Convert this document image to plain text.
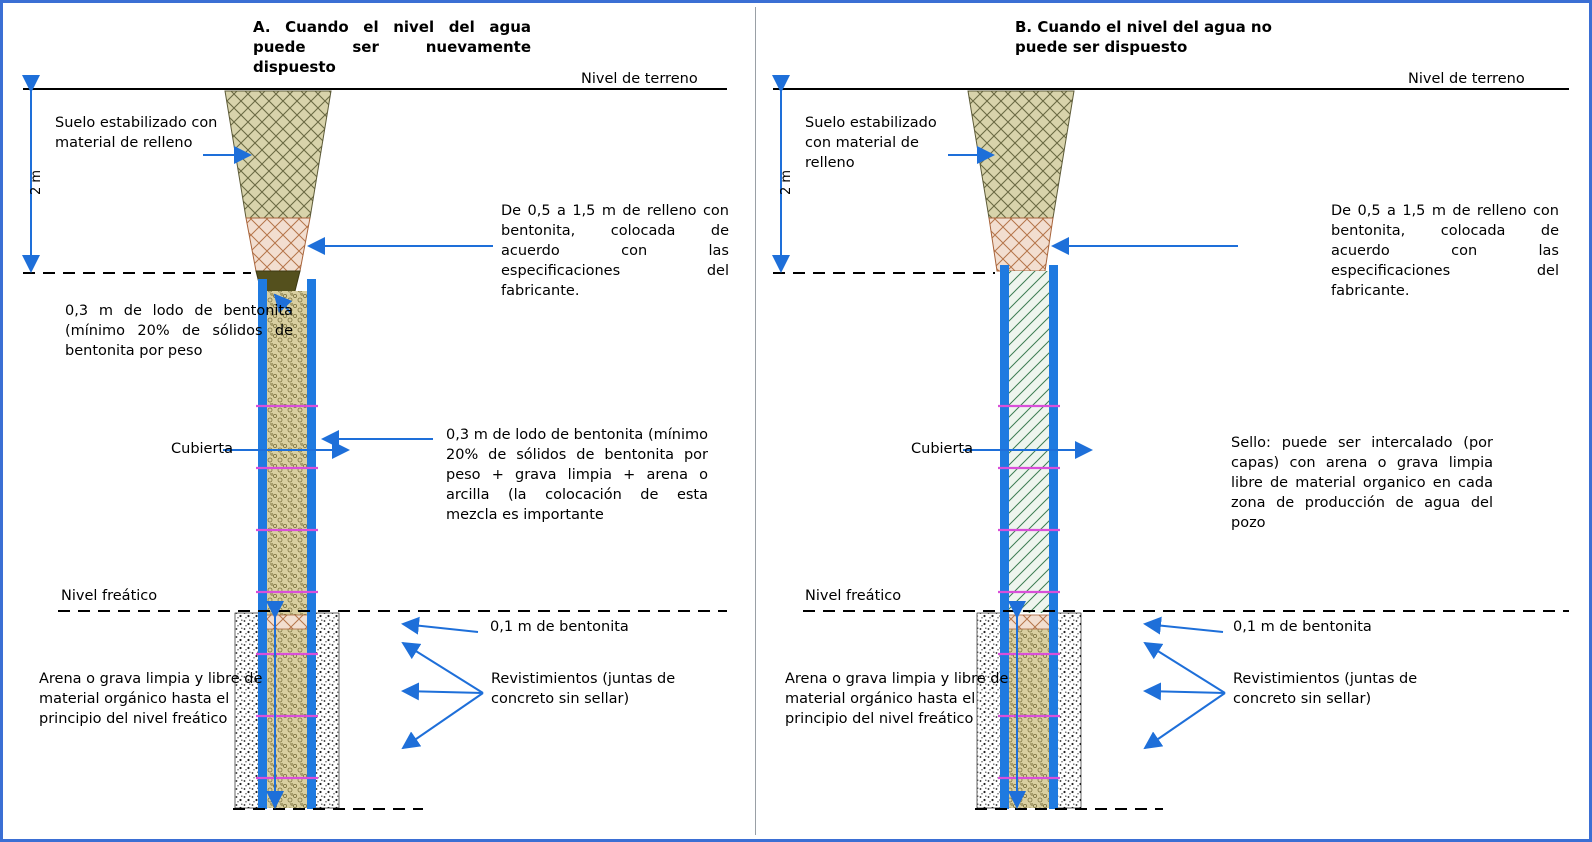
A. Cuando el nivel del agua puede ser nuevamente dispuesto
2 m
Nivel de terreno
Suelo estabilizado con material de relleno
De 0,5 a 1,5 m de relleno con bentonita, colocada de acuerdo con las especificaciones del fabricante.
0,3 m de lodo de bentonita (mínimo 20% de sólidos de bentonita por peso
Cubierta
0,3 m de lodo de bentonita (mínimo 20% de sólidos de bentonita por peso + grava limpia + arena o arcilla (la colocación de esta mezcla es importante
Nivel freático
0,1 m de bentonita
Arena o grava limpia y libre de material orgánico hasta el principio del nivel freático
Revistimientos (juntas de concreto sin sellar)
B. Cuando el nivel del agua no puede ser dispuesto
2 m
Nivel de terreno
Suelo estabilizado con material de relleno
De 0,5 a 1,5 m de relleno con bentonita, colocada de acuerdo con las especificaciones del fabricante.
Cubierta	Sello: puede ser intercalado (por capas) con arena o grava limpia libre de material organico en cada zona de producción de agua del pozo
Nivel freático
0,1 m de bentonita
Arena o grava limpia y libre de material orgánico hasta el principio del nivel freático
Revistimientos (juntas de concreto sin sellar)
